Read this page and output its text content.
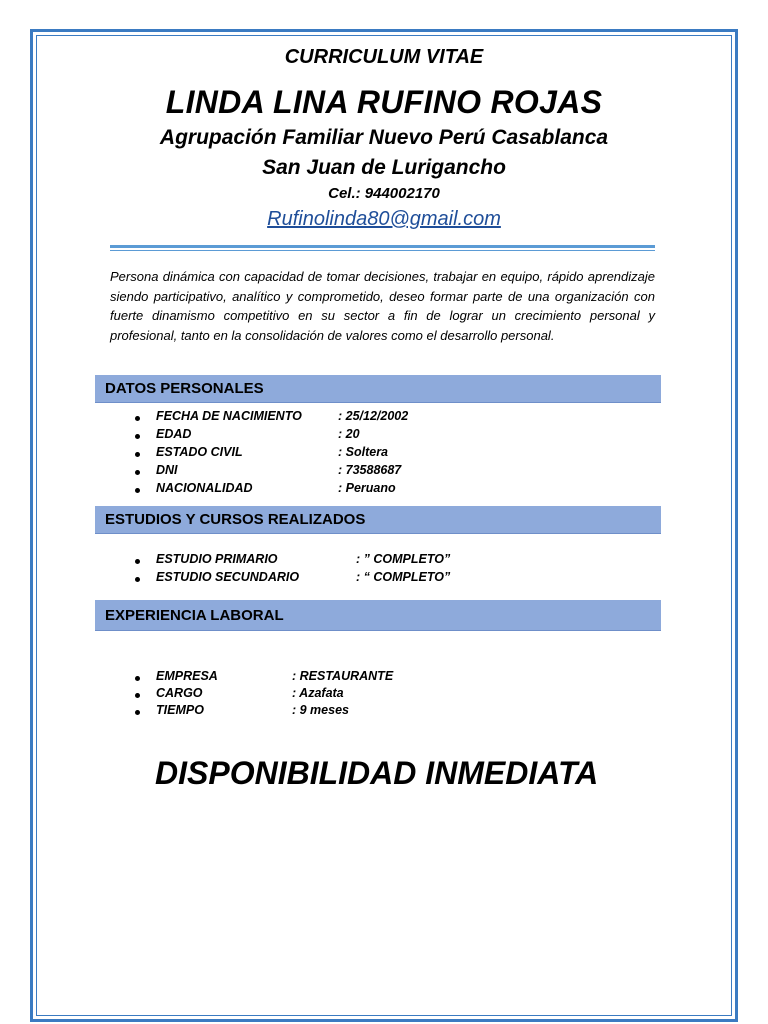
CURRICULUM VITAE
LINDA LINA RUFINO ROJAS
Agrupación Familiar Nuevo Perú Casablanca
San Juan de Lurigancho
Cel.: 944002170
Rufinolinda80@gmail.com
Persona dinámica con capacidad de tomar decisiones, trabajar en equipo, rápido aprendizaje siendo participativo, analítico y comprometido, deseo formar parte de una organización con fuerte dinamismo competitivo en su sector a fin de lograr un crecimiento personal y profesional, tanto en la consolidación de valores como el desarrollo personal.
DATOS PERSONALES
ESTUDIOS Y CURSOS REALIZADOS
EXPERIENCIA LABORAL
FECHA DE NACIMIENTO	: 25/12/2002
EDAD	: 20
ESTADO CIVIL	: Soltera
DNI	: 73588687
NACIONALIDAD	: Peruano
ESTUDIO PRIMARIO	: ” COMPLETO”
ESTUDIO SECUNDARIO	: “ COMPLETO”
EMPRESA	: RESTAURANTE
CARGO	: Azafata
TIEMPO	: 9 meses
DISPONIBILIDAD INMEDIATA
